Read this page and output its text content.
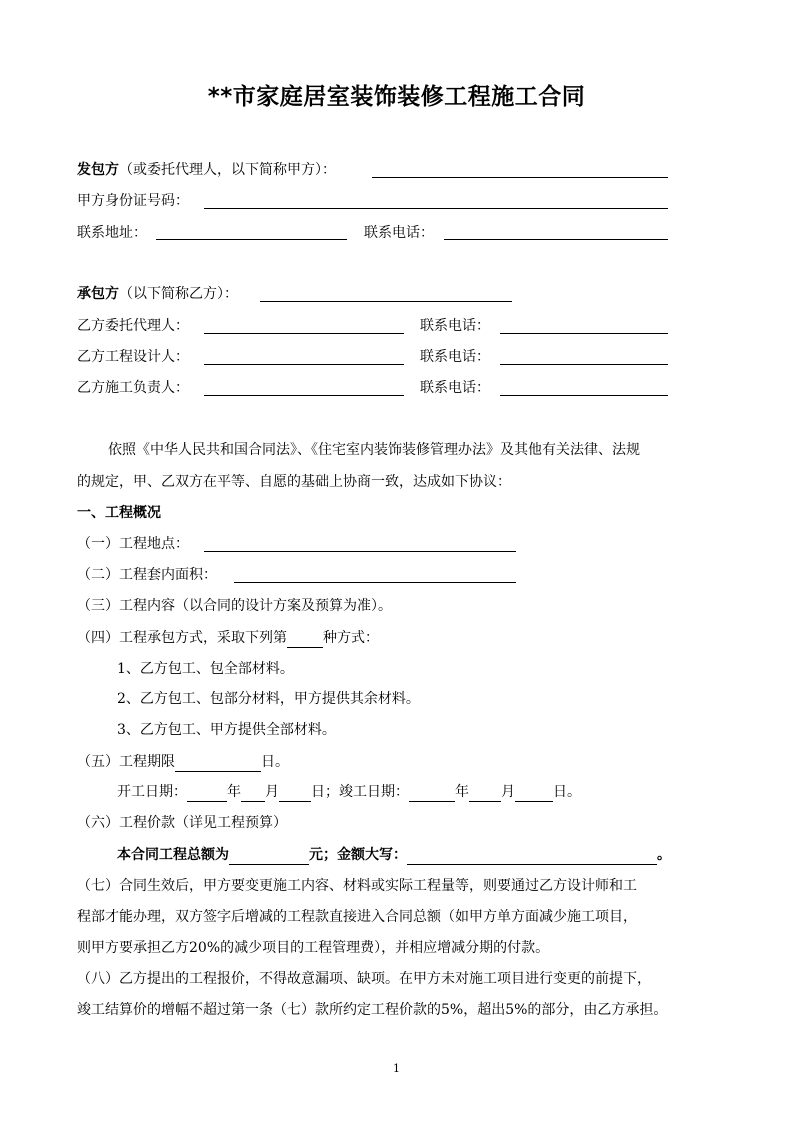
**市家庭居室装饰装修工程施工合同
发包方（或委托代理人，以下简称甲方）：
甲方身份证号码：
联系地址：	联系电话：
承包方（以下简称乙方）：
乙方委托代理人：	联系电话：
乙方工程设计人：	联系电话：
乙方施工负责人：	联系电话：
依照《中华人民共和国合同法》、《住宅室内装饰装修管理办法》及其他有关法律、法规
的规定，甲、乙双方在平等、自愿的基础上协商一致，达成如下协议：
一、工程概况
（一）工程地点：
（二）工程套内面积：
（三）工程内容（以合同的设计方案及预算为准）。
（四）工程承包方式，采取下列第	种方式：
1、乙方包工、包全部材料。
2、乙方包工、包部分材料，甲方提供其余材料。
3、乙方包工、甲方提供全部材料。
（五）工程期限	日。
开工日期：	年 月 日；竣工日期：	年 月	日。
（六）工程价款（详见工程预算）
本合同工程总额为	元；金额大写：	。
（七）合同生效后，甲方要变更施工内容、材料或实际工程量等，则要通过乙方设计师和工
程部才能办理，双方签字后增减的工程款直接进入合同总额（如甲方单方面减少施工项目，
则甲方要承担乙方20%的减少项目的工程管理费），并相应增减分期的付款。
（八）乙方提出的工程报价，不得故意漏项、缺项。在甲方未对施工项目进行变更的前提下，
竣工结算价的增幅不超过第一条（七）款所约定工程价款的5%，超出5%的部分，由乙方承担。
1
